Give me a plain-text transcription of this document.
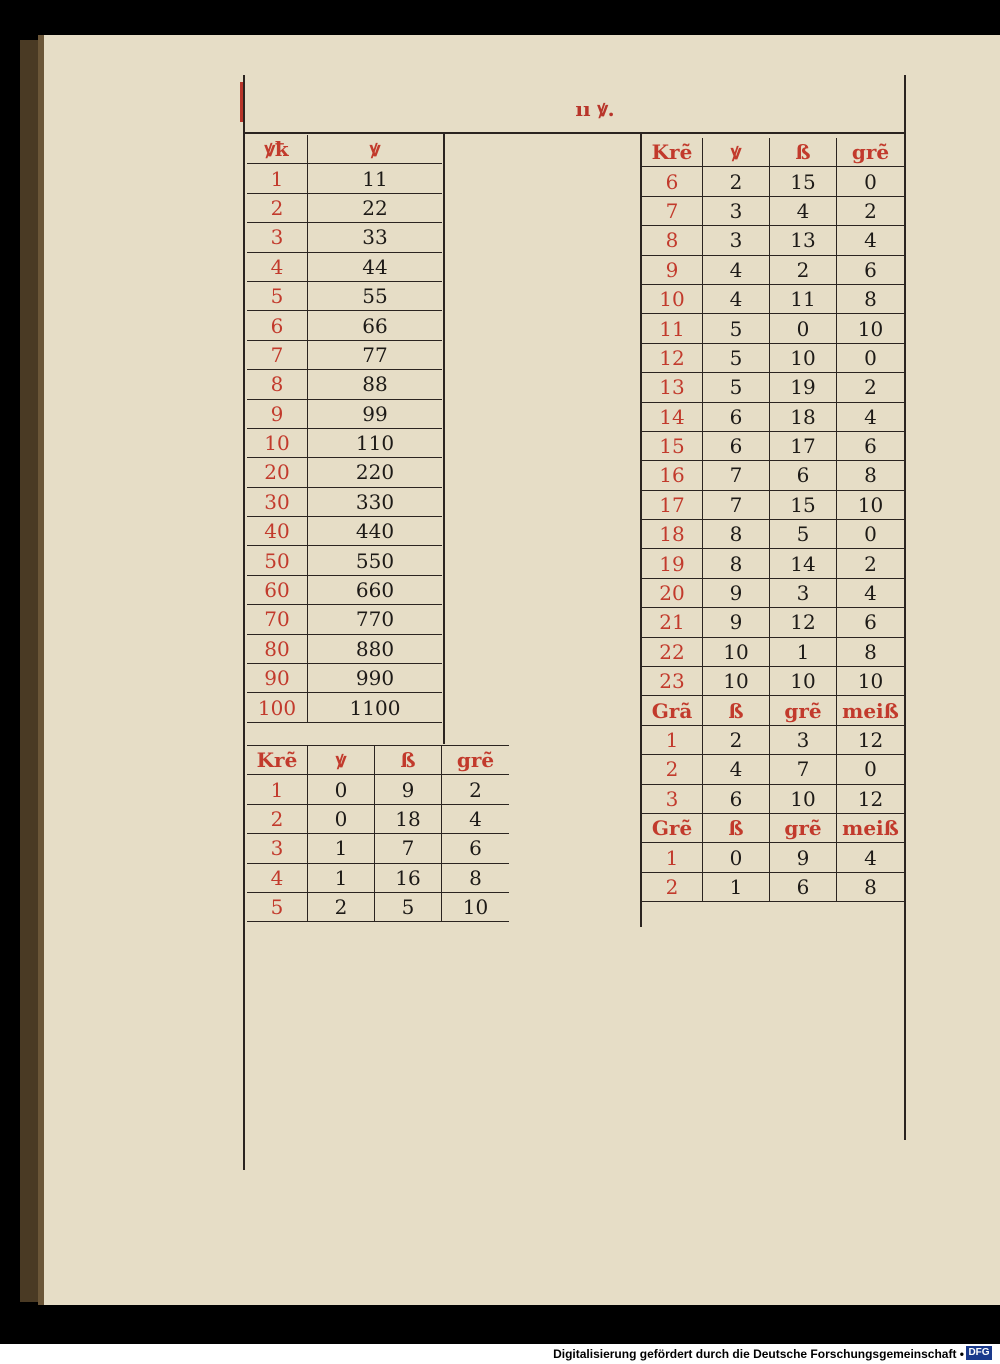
ıı ꝟ.
ꝟꝁ	ꝟ
1	11
2	22
3	33
4	44
5	55
6	66
7	77
8	88
9	99
10	110
20	220
30	330
40	440
50	550
60	660
70	770
80	880
90	990
100	1100
Krẽ	ꝟ	ß	grẽ
1	0	9	2
2	0	18	4
3	1	7	6
4	1	16	8
5	2	5	10
Krẽ	ꝟ	ß	grẽ
6	2	15	0
7	3	4	2
8	3	13	4
9	4	2	6
10	4	11	8
11	5	0	10
12	5	10	0
13	5	19	2
14	6	18	4
15	6	17	6
16	7	6	8
17	7	15	10
18	8	5	0
19	8	14	2
20	9	3	4
21	9	12	6
22	10	1	8
23	10	10	10
Grã	ß	grẽ	meiß
1	2	3	12
2	4	7	0
3	6	10	12
Grẽ	ß	grẽ	meiß
1	0	9	4
2	1	6	8
Digitalisierung gefördert durch die Deutsche Forschungsgemeinschaft • DFG
